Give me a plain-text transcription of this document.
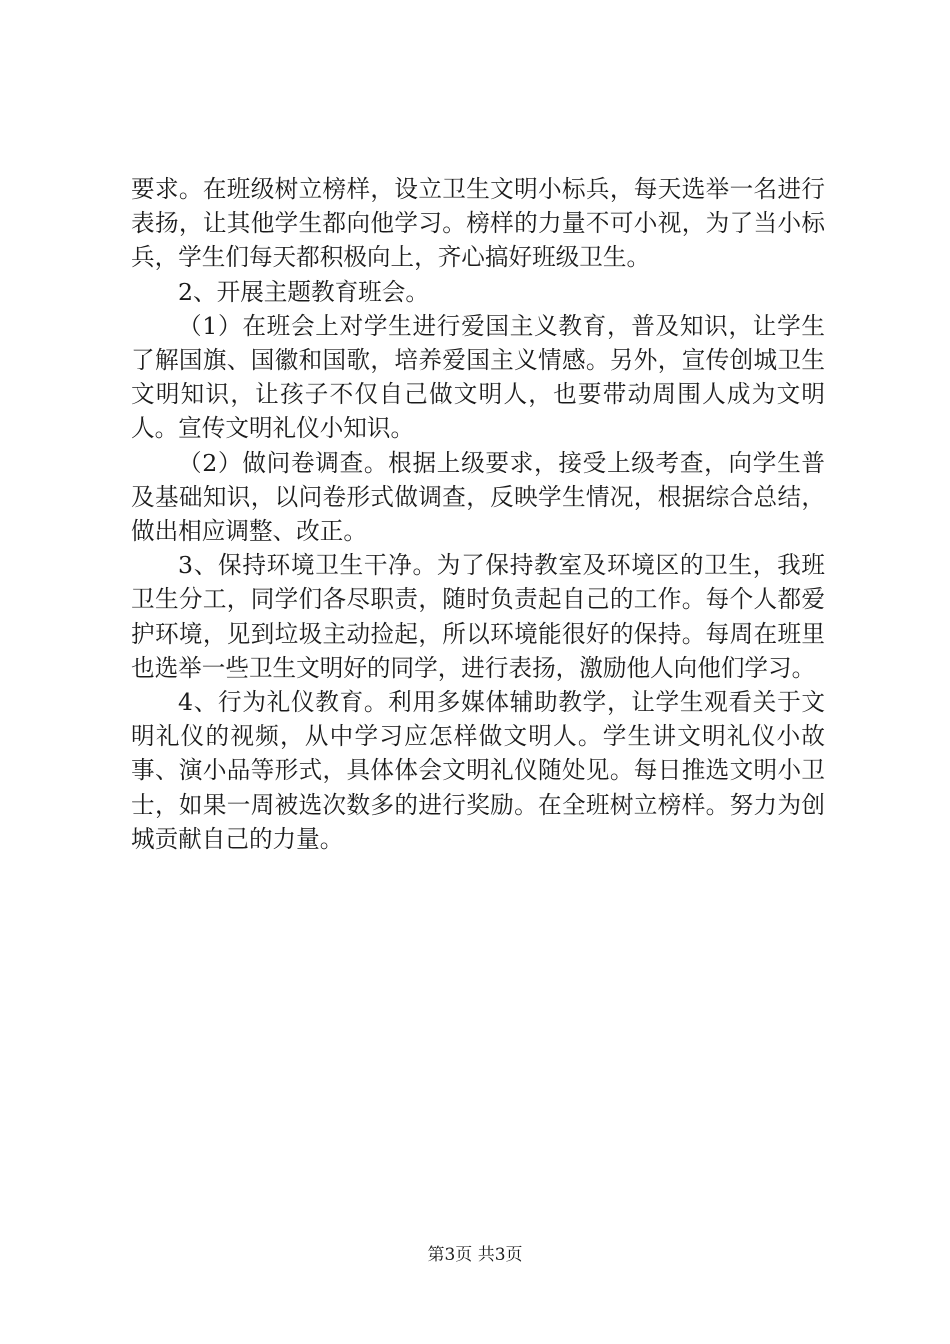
要求。在班级树立榜样，设立卫生文明小标兵，每天选举一名进行表扬，让其他学生都向他学习。榜样的力量不可小视，为了当小标兵，学生们每天都积极向上，齐心搞好班级卫生。

2、开展主题教育班会。

（1）在班会上对学生进行爱国主义教育，普及知识，让学生了解国旗、国徽和国歌，培养爱国主义情感。另外，宣传创城卫生文明知识，让孩子不仅自己做文明人，也要带动周围人成为文明人。宣传文明礼仪小知识。

（2）做问卷调查。根据上级要求，接受上级考查，向学生普及基础知识，以问卷形式做调查，反映学生情况，根据综合总结，做出相应调整、改正。

3、保持环境卫生干净。为了保持教室及环境区的卫生，我班卫生分工，同学们各尽职责，随时负责起自己的工作。每个人都爱护环境，见到垃圾主动捡起，所以环境能很好的保持。每周在班里也选举一些卫生文明好的同学，进行表扬，激励他人向他们学习。

4、行为礼仪教育。利用多媒体辅助教学，让学生观看关于文明礼仪的视频，从中学习应怎样做文明人。学生讲文明礼仪小故事、演小品等形式，具体体会文明礼仪随处见。每日推选文明小卫士，如果一周被选次数多的进行奖励。在全班树立榜样。努力为创城贡献自己的力量。

第3页 共3页
